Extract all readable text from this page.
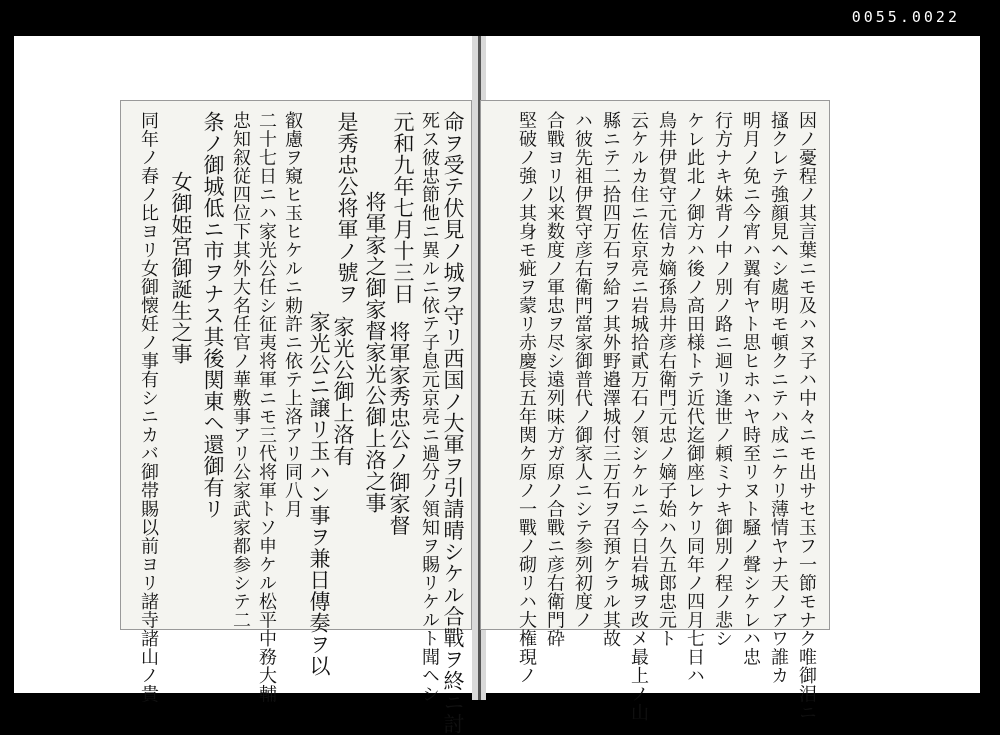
0055.0022
命ヲ受テ伏見ノ城ヲ守リ西国ノ大軍ヲ引請晴シケル合戰ヲ終ニ討
死ス彼忠節他ニ異ルニ依テ子息元京亮ニ過分ノ領知ヲ賜リケルト聞ヘシ
元和九年七月十三日
将軍家秀忠公ノ御家督
将軍家之御家督家光公御上洛之事
是秀忠公将軍ノ號ヲ
家光公御上洛有
家光公ニ譲リ玉ハン事ヲ兼日傳奏ヲ以
叡慮ヲ窺ヒ玉ヒケルニ勅許ニ依テ上洛アリ同八月
二十七日ニハ家光公任シ征夷将軍ニモ三代将軍トソ申ケル松平中務大輔
忠知叙従四位下其外大名任官ノ華敷事アリ公家武家都参シテ二
条ノ御城低ニ市ヲナス其後関東ヘ還御有リ
女御姫宮御誕生之事
同年ノ春ノ比ヨリ女御懐妊ノ事有シニカバ御帯賜以前ヨリ諸寺諸山ノ貴	因ノ憂程ノ其言葉ニモ及ハヌ子ハ中々ニモ出サセ玉フ一節モナク唯御泪ニ
搔クレテ強顔見ヘシ處明モ頓クニテハ成ニケリ薄情ヤナ天ノアワ誰カ
明月ノ免ニ今宵ハ翼有ヤト思ヒホハヤ時至リヌト騒ノ聲シケレハ忠
行方ナキ妹背ノ中ノ別ノ路ニ迴リ逢世ノ頼ミナキ御別ノ程ノ悲シ
ケレ此北ノ御方ハ後ノ高田様トテ近代迄御座レケリ同年ノ四月七日ハ
鳥井伊賀守元信カ嫡孫鳥井彦右衛門元忠ノ嫡子始ハ久五郎忠元ト
云ケルカ住ニ佐京亮ニ岩城拾貳万石ノ領シケルニ今日岩城ヲ改メ最上ノ山
縣ニテ二拾四万石ヲ給フ其外野邉澤城付三万石ヲ召預ケラル其故
ハ彼先祖伊賀守彦右衛門當家御普代ノ御家人ニシテ参列初度ノ
合戰ヨリ以来数度ノ軍忠ヲ尽シ遠列味方ガ原ノ合戰ニ彦右衛門砕
堅破ノ強ノ其身モ疵ヲ蒙リ赤慶長五年関ケ原ノ一戰ノ砌リハ大権現ノ
